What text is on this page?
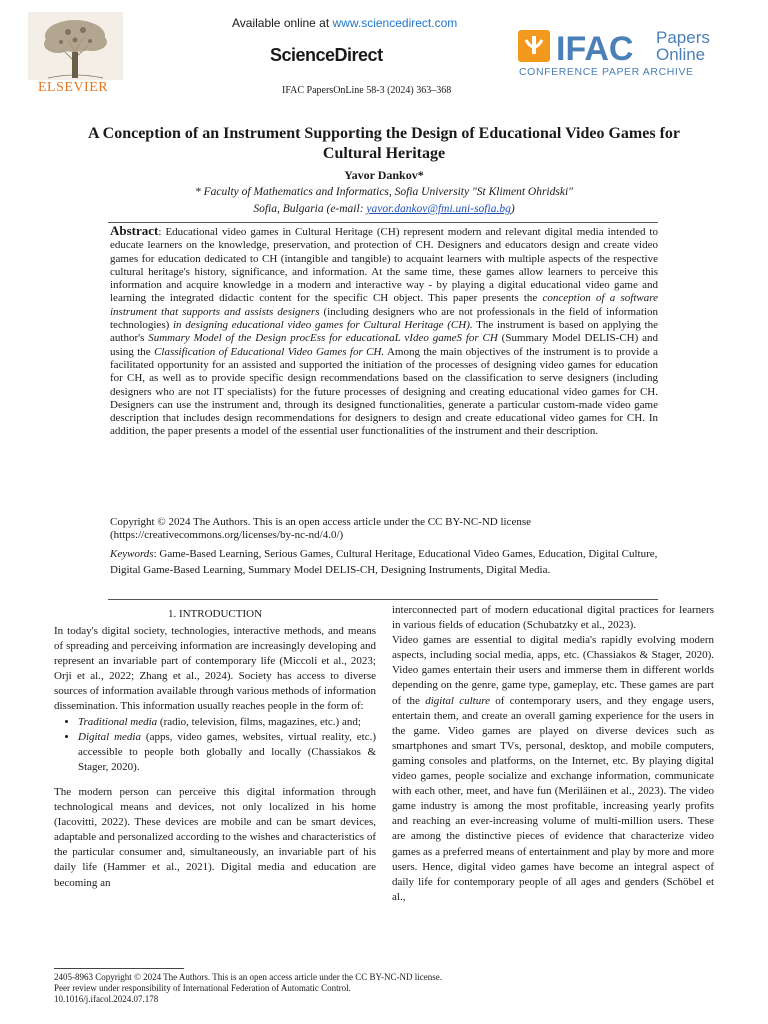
ELSEVIER
Available online at www.sciencedirect.com
ScienceDirect
IFAC PapersOnLine 58-3 (2024) 363–368
IFAC Papers
Online
CONFERENCE PAPER ARCHIVE
A Conception of an Instrument Supporting the Design of Educational Video Games for Cultural Heritage
Yavor Dankov*
* Faculty of Mathematics and Informatics, Sofia University "St Kliment Ohridski"
Sofia, Bulgaria (e-mail: yavor.dankov@fmi.uni-sofia.bg)
Abstract: Educational video games in Cultural Heritage (CH) represent modern and relevant digital media intended to educate learners on the knowledge, preservation, and protection of CH. Designers and educators design and create video games for education dedicated to CH (intangible and tangible) to acquaint learners with multiple aspects of the respective cultural heritage's history, significance, and information. At the same time, these games allow learners to perceive this information and acquire knowledge in a modern and interactive way - by playing a digital educational video game and learning the integrated didactic content for the specific CH object. This paper presents the conception of a software instrument that supports and assists designers (including designers who are not professionals in the field of information technologies) in designing educational video games for Cultural Heritage (CH). The instrument is based on applying the author's Summary Model of the Design procEss for educationaL vIdeo gameS for CH (Summary Model DELIS-CH) and using the Classification of Educational Video Games for CH. Among the main objectives of the instrument is to provide a facilitated opportunity for an assisted and supported the initiation of the processes of designing video games for education for CH, as well as to provide specific design recommendations based on the classification to serve designers (including designers who are not IT specialists) for the future processes of designing and creating educational video games for CH. Designers can use the instrument and, through its designed functionalities, generate a particular custom-made video game description that includes design recommendations for designers to design and create educational video games for CH. In addition, the paper presents a model of the essential user functionalities of the instrument and their description.
Copyright © 2024 The Authors. This is an open access article under the CC BY-NC-ND license
(https://creativecommons.org/licenses/by-nc-nd/4.0/)
Keywords: Game-Based Learning, Serious Games, Cultural Heritage, Educational Video Games, Education, Digital Culture, Digital Game-Based Learning, Summary Model DELIS-CH, Designing Instruments, Digital Media.
1. INTRODUCTION

In today's digital society, technologies, interactive methods, and means of spreading and perceiving information are increasingly developing and represent an invariable part of contemporary life (Miccoli et al., 2023; Orji et al., 2022; Zhang et al., 2024). Society has access to diverse sources of information available through various methods of information dissemination. This information usually reaches people in the form of:

• Traditional media (radio, television, films, magazines, etc.) and;
• Digital media (apps, video games, websites, virtual reality, etc.) accessible to people both globally and locally (Chassiakos & Stager, 2020).

The modern person can perceive this digital information through technological means and devices, not only localized in his home (Iacovitti, 2022). These devices are mobile and can be smart devices, adaptable and personalized according to the wishes and characteristics of the particular consumer and, simultaneously, an invariable part of his daily life (Hammer et al., 2021). Digital media and education are becoming an

interconnected part of modern educational digital practices for learners in various fields of education (Schubatzky et al., 2023).

Video games are essential to digital media's rapidly evolving modern aspects, including social media, apps, etc. (Chassiakos & Stager, 2020). Video games entertain their users and immerse them in different worlds depending on the genre, game type, gameplay, etc. These games are part of the digital culture of contemporary users, and they engage users, entertain them, and create an overall gaming experience for the users in the game. Video games are played on diverse devices such as smartphones and smart TVs, personal, desktop, and mobile computers, gaming consoles and platforms, on the Internet, etc. By playing digital video games, people socialize and exchange information, communicate with each other, meet, and have fun (Meriläinen et al., 2023). The video game industry is among the most profitable, increasing yearly profits and reaching an ever-increasing volume of multi-million users. These are among the distinctive pieces of evidence that characterize video games as a preferred means of entertainment and play by more and more users. Hence, digital video games have become an integral aspect of daily life for contemporary people of all ages and genders (Schöbel et al.,

2405-8963 Copyright © 2024 The Authors. This is an open access article under the CC BY-NC-ND license.
Peer review under responsibility of International Federation of Automatic Control.
10.1016/j.ifacol.2024.07.178
